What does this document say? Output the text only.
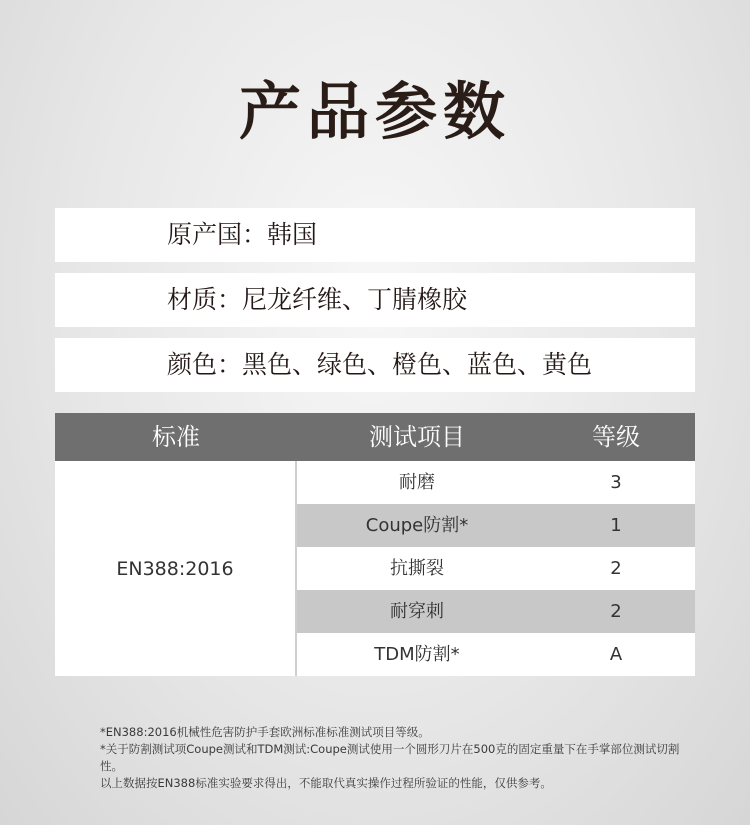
产品参数
原产国：韩国
材质：尼龙纤维、丁腈橡胶
颜色：黑色、绿色、橙色、蓝色、黄色
标准	测试项目	等级
EN388:2016
耐磨	3
Coupe防割*	1
抗撕裂	2
耐穿刺	2
TDM防割*	A
*EN388:2016机械性危害防护手套欧洲标准标准测试项目等级。
*关于防割测试项Coupe测试和TDM测试:Coupe测试使用一个圆形刀片在500克的固定重量下在手掌部位测试切割性。
以上数据按EN388标准实验要求得出，不能取代真实操作过程所验证的性能，仅供参考。
